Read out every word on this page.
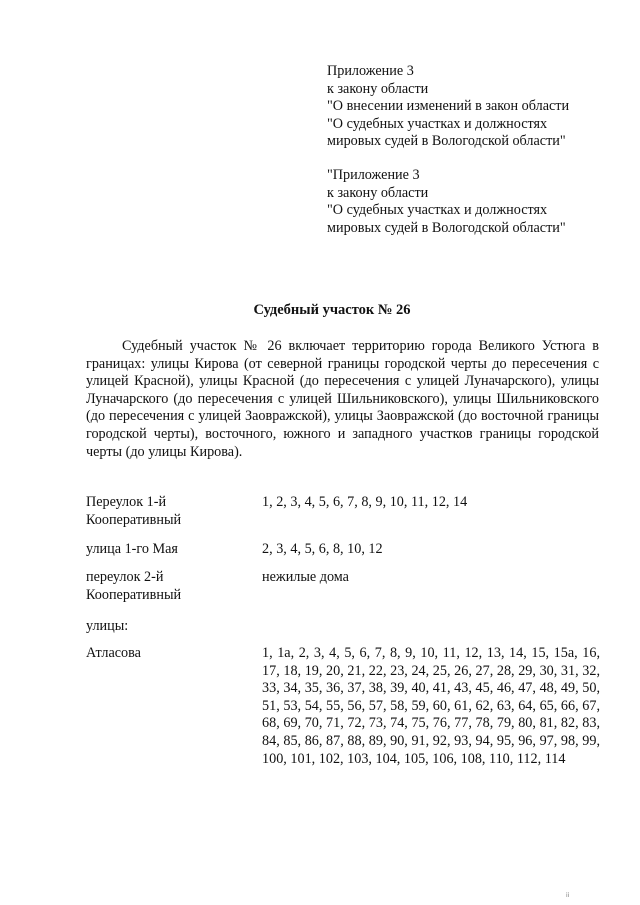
Приложение 3
к закону области
"О внесении изменений в закон области
"О судебных участках и должностях
мировых судей в Вологодской области"
"Приложение 3
к закону области
"О судебных участках и должностях
мировых судей в Вологодской области"
Судебный участок № 26
Судебный участок № 26 включает территорию города Великого Устюга в границах: улицы Кирова (от северной границы городской черты до пересечения с улицей Красной), улицы Красной (до пересечения с улицей Луначарского), улицы Луначарского (до пересечения с улицей Шильниковского), улицы Шильниковского (до пересечения с улицей Заовражской), улицы Заовражской (до восточной границы городской черты), восточного, южного и западного участков границы городской черты (до улицы Кирова).
Переулок 1-й Кооперативный
1, 2, 3, 4, 5, 6, 7, 8, 9, 10, 11, 12, 14
улица 1-го Мая	2, 3, 4, 5, 6, 8, 10, 12
переулок 2-й Кооперативный
нежилые дома
улицы:
Атласова	1, 1а, 2, 3, 4, 5, 6, 7, 8, 9, 10, 11, 12, 13, 14, 15, 15а, 16, 17, 18, 19, 20, 21, 22, 23, 24, 25, 26, 27, 28, 29, 30, 31, 32, 33, 34, 35, 36, 37, 38, 39, 40, 41, 43, 45, 46, 47, 48, 49, 50, 51, 53, 54, 55, 56, 57, 58, 59, 60, 61, 62, 63, 64, 65, 66, 67, 68, 69, 70, 71, 72, 73, 74, 75, 76, 77, 78, 79, 80, 81, 82, 83, 84, 85, 86, 87, 88, 89, 90, 91, 92, 93, 94, 95, 96, 97, 98, 99, 100, 101, 102, 103, 104, 105, 106, 108, 110, 112, 114
ii
